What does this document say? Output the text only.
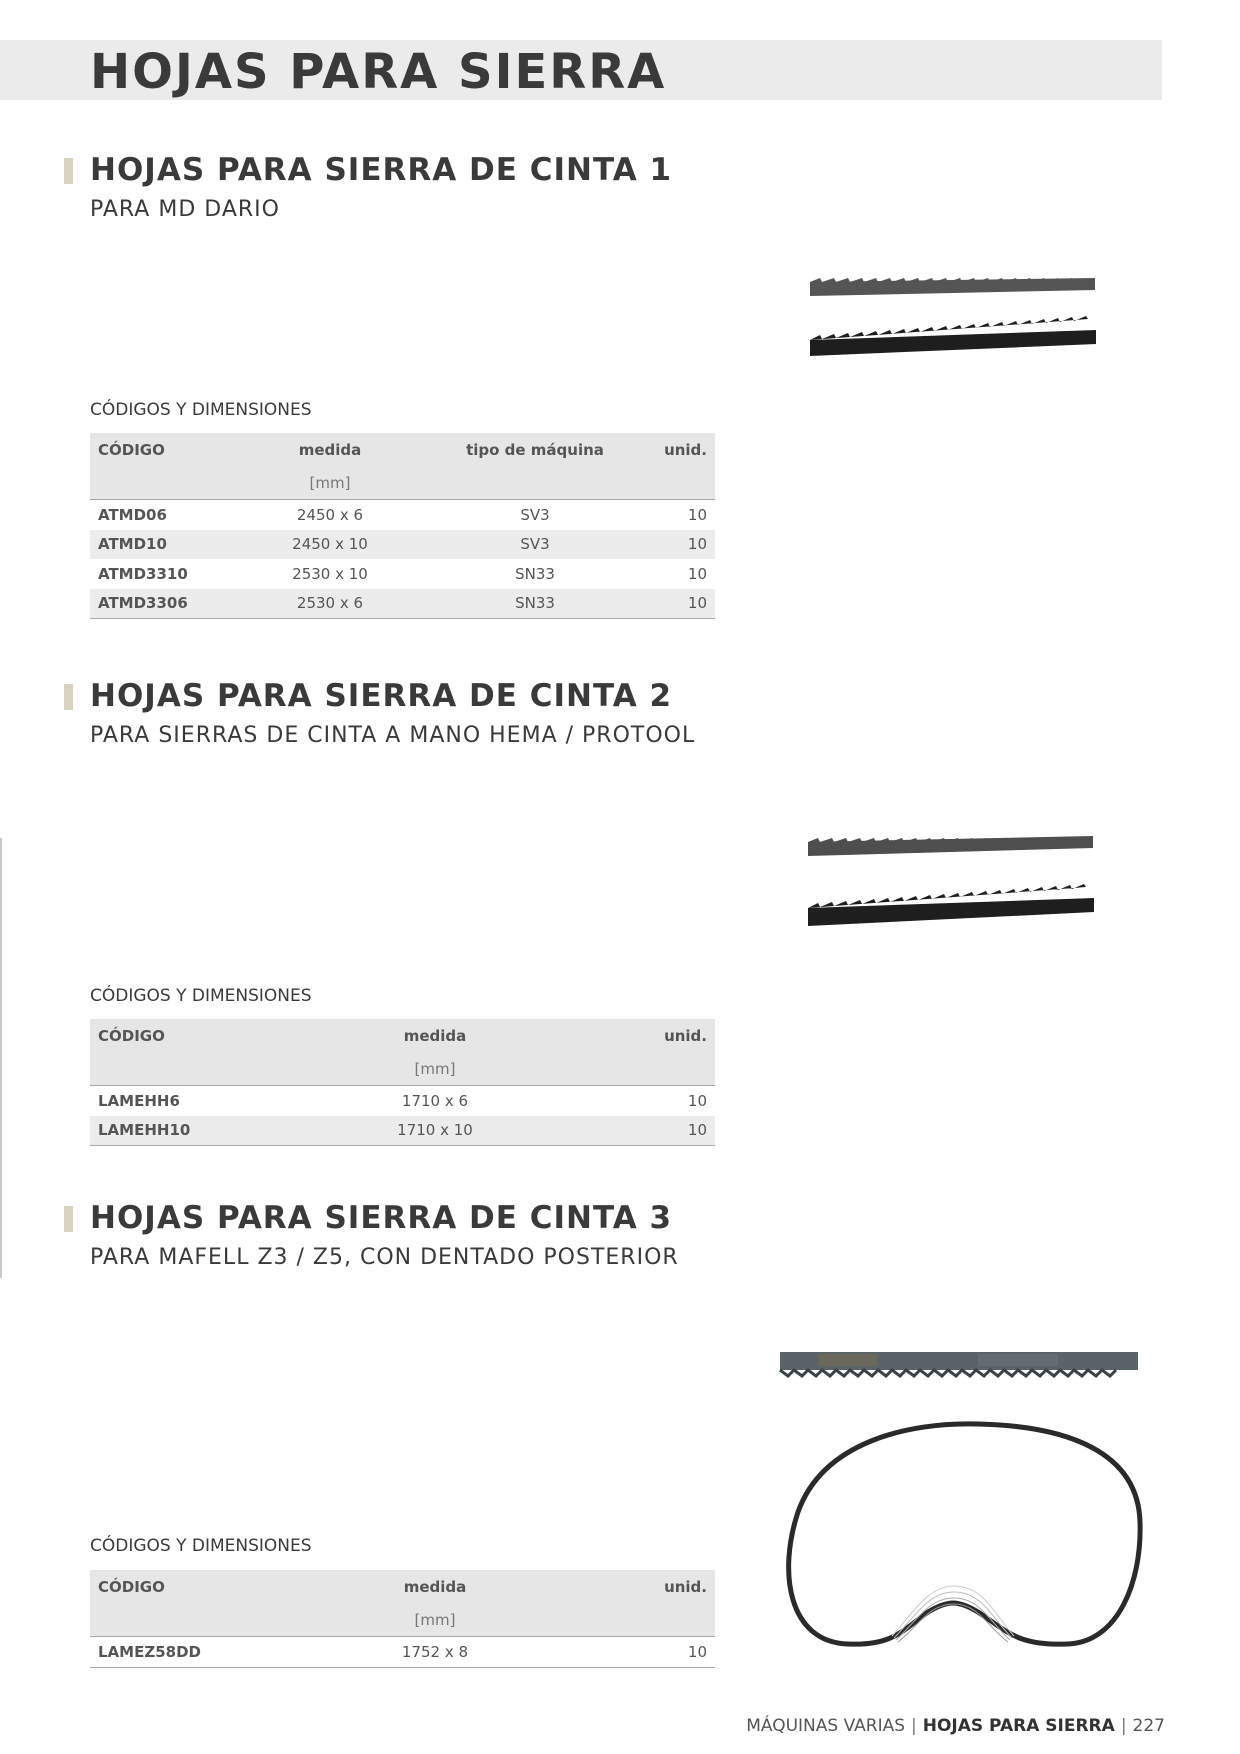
HOJAS PARA SIERRA
HOJAS PARA SIERRA DE CINTA 1

PARA MD DARIO

CÓDIGOS Y DIMENSIONES

CÓDIGO	medida	tipo de máquina	unid.
	[mm]		
ATMD06	2450 x 6	SV3	10
ATMD10	2450 x 10	SV3	10
ATMD3310	2530 x 10	SN33	10
ATMD3306	2530 x 6	SN33	10
HOJAS PARA SIERRA DE CINTA 2

PARA SIERRAS DE CINTA A MANO HEMA / PROTOOL

CÓDIGOS Y DIMENSIONES

CÓDIGO	medida	unid.
	[mm]	
LAMEHH6	1710 x 6	10
LAMEHH10	1710 x 10	10
HOJAS PARA SIERRA DE CINTA 3

PARA MAFELL Z3 / Z5, CON DENTADO POSTERIOR

CÓDIGOS Y DIMENSIONES

CÓDIGO	medida	unid.
	[mm]	
LAMEZ58DD	1752 x 8	10
MÁQUINAS VARIAS | HOJAS PARA SIERRA | 227
